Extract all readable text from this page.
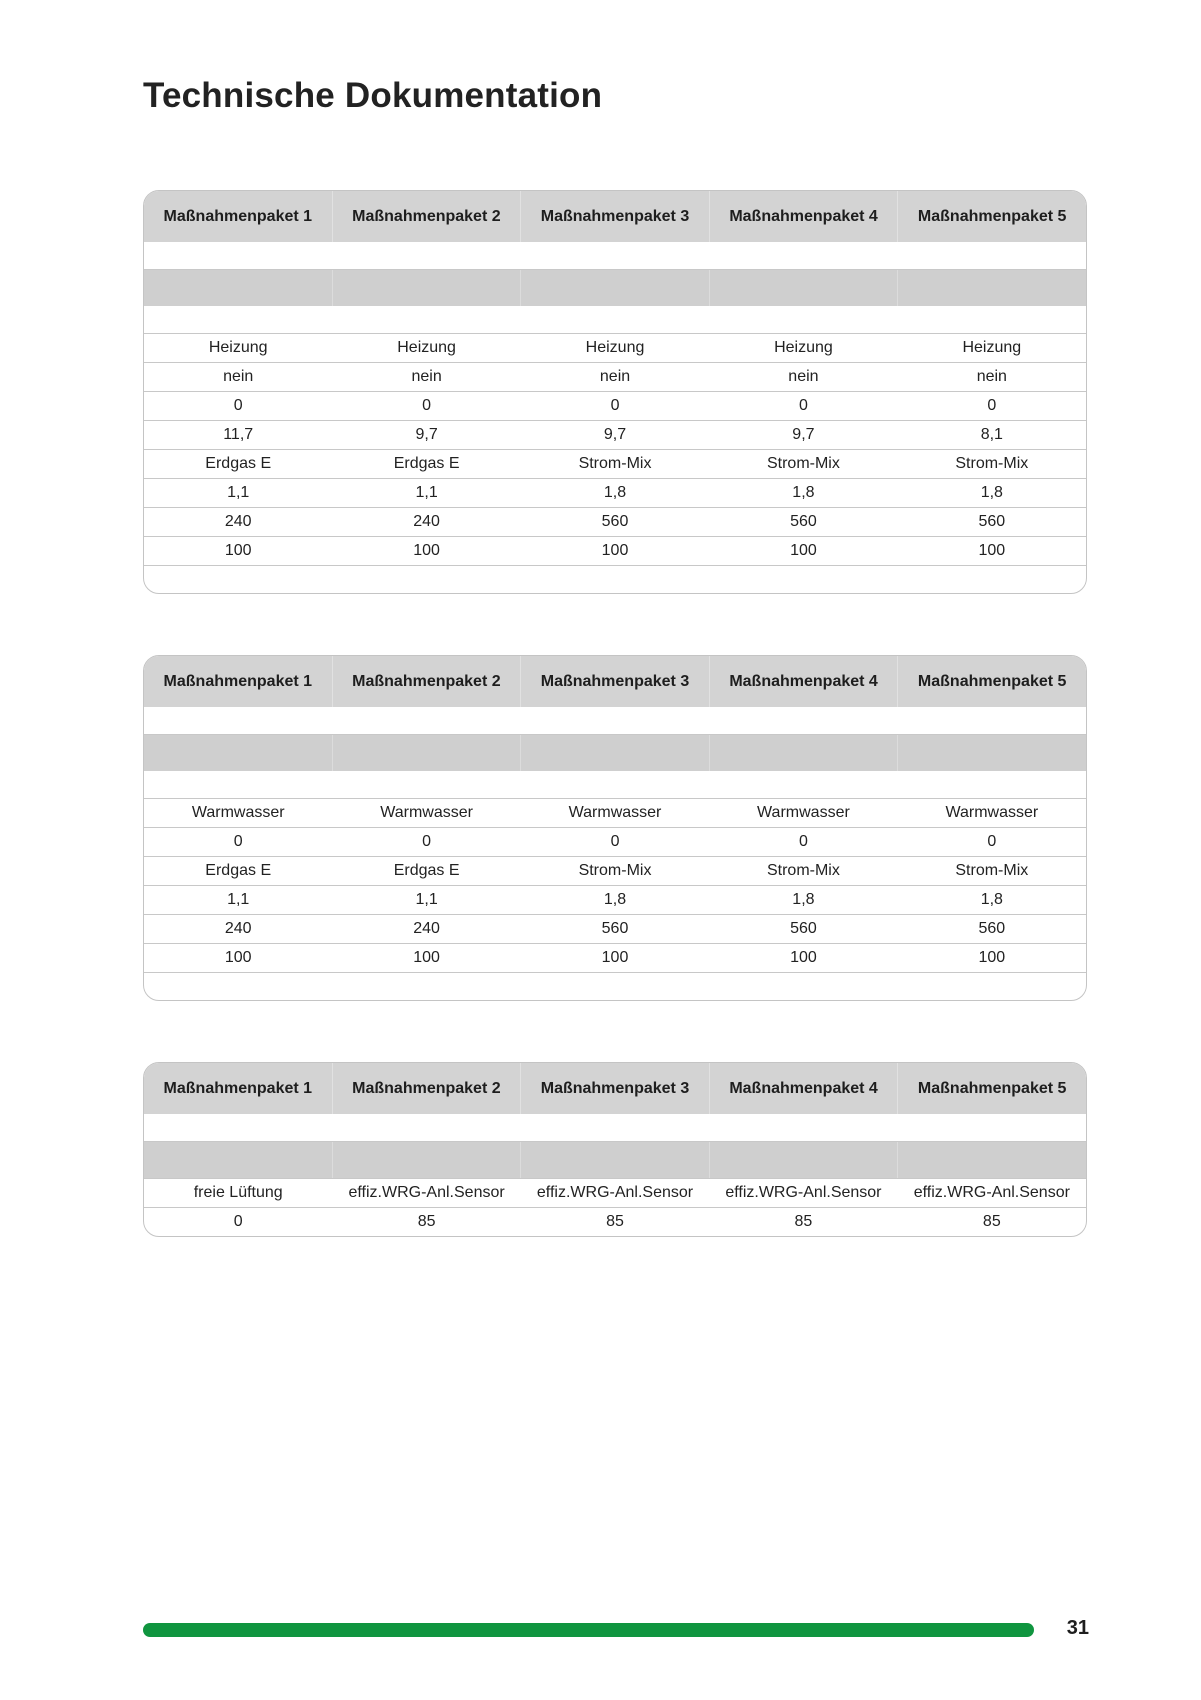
Technische Dokumentation
Maßnahmenpaket 1	Maßnahmenpaket 2	Maßnahmenpaket 3	Maßnahmenpaket 4	Maßnahmenpaket 5
Heizung	Heizung	Heizung	Heizung	Heizung
nein	nein	nein	nein	nein
0	0	0	0	0
11,7	9,7	9,7	9,7	8,1
Erdgas E	Erdgas E	Strom-Mix	Strom-Mix	Strom-Mix
1,1	1,1	1,8	1,8	1,8
240	240	560	560	560
100	100	100	100	100
Maßnahmenpaket 1	Maßnahmenpaket 2	Maßnahmenpaket 3	Maßnahmenpaket 4	Maßnahmenpaket 5
Warmwasser	Warmwasser	Warmwasser	Warmwasser	Warmwasser
0	0	0	0	0
Erdgas E	Erdgas E	Strom-Mix	Strom-Mix	Strom-Mix
1,1	1,1	1,8	1,8	1,8
240	240	560	560	560
100	100	100	100	100
Maßnahmenpaket 1	Maßnahmenpaket 2	Maßnahmenpaket 3	Maßnahmenpaket 4	Maßnahmenpaket 5
freie Lüftung	effiz.WRG-Anl.Sensor	effiz.WRG-Anl.Sensor	effiz.WRG-Anl.Sensor	effiz.WRG-Anl.Sensor
0	85	85	85	85
31
